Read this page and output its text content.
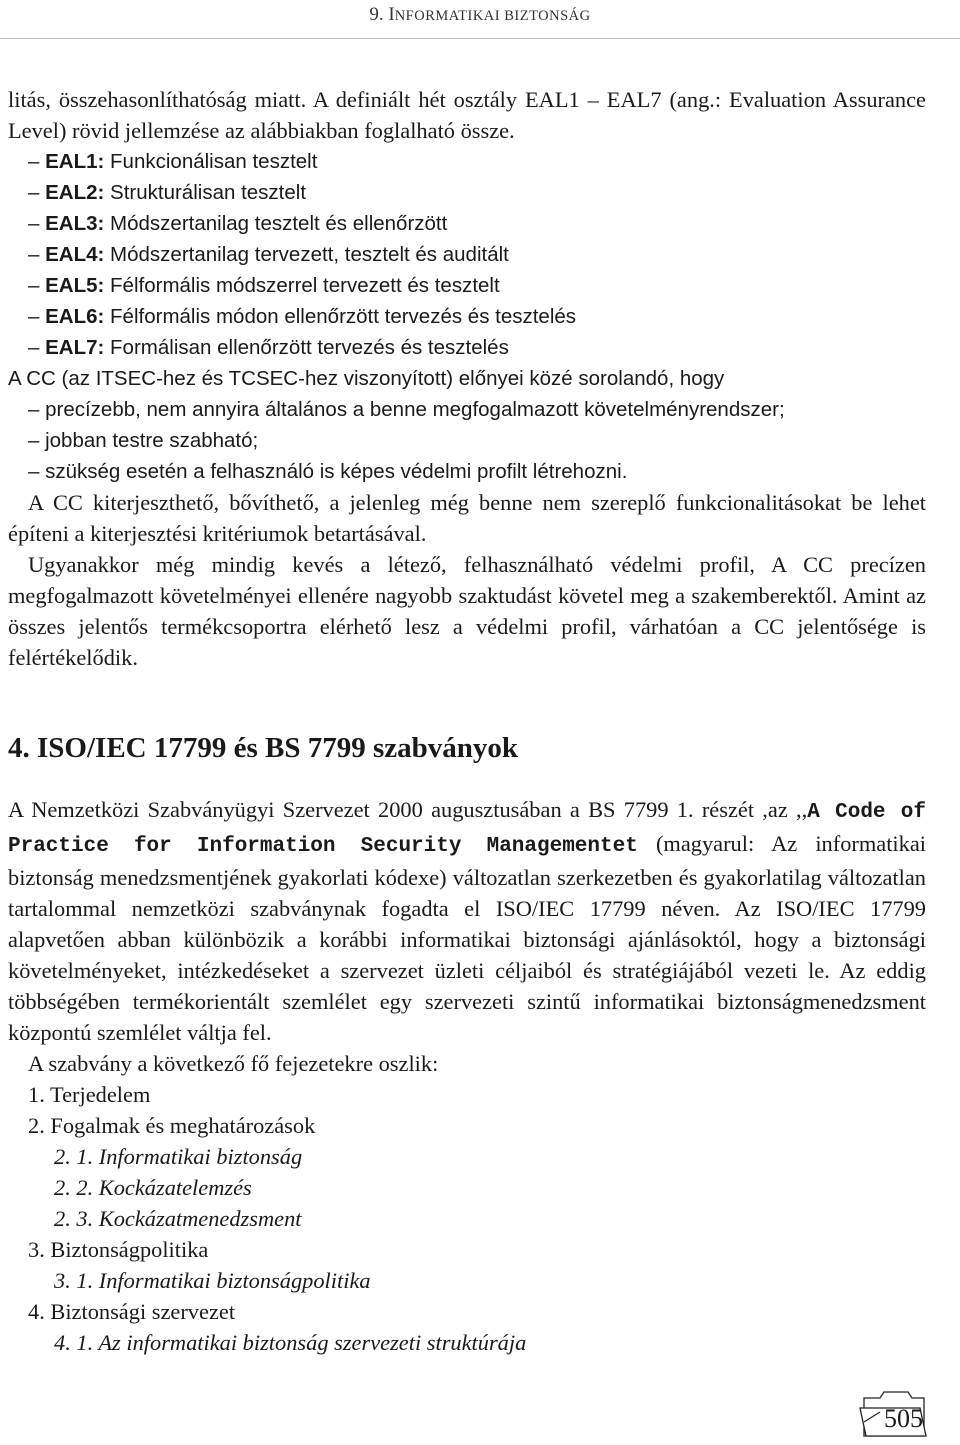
9. INFORMATIKAI BIZTONSÁG

litás, összehasonlíthatóság miatt. A definiált hét osztály EAL1 – EAL7 (ang.: Evaluation Assurance Level) rövid jellemzése az alábbiakban foglalható össze.

– EAL1: Funkcionálisan tesztelt

– EAL2: Strukturálisan tesztelt

– EAL3: Módszertanilag tesztelt és ellenőrzött

– EAL4: Módszertanilag tervezett, tesztelt és auditált

– EAL5: Félformális módszerrel tervezett és tesztelt

– EAL6: Félformális módon ellenőrzött tervezés és tesztelés

– EAL7: Formálisan ellenőrzött tervezés és tesztelés

A CC (az ITSEC-hez és TCSEC-hez viszonyított) előnyei közé sorolandó, hogy

– precízebb, nem annyira általános a benne megfogalmazott követelményrendszer;

– jobban testre szabható;

– szükség esetén a felhasználó is képes védelmi profilt létrehozni.

A CC kiterjeszthető, bővíthető, a jelenleg még benne nem szereplő funkcionalitásokat be lehet építeni a kiterjesztési kritériumok betartásával.

Ugyanakkor még mindig kevés a létező, felhasználható védelmi profil, A CC precízen megfogalmazott követelményei ellenére nagyobb szaktudást követel meg a szakemberektől. Amint az összes jelentős termékcsoportra elérhető lesz a védelmi profil, várhatóan a CC jelentősége is felértékelődik.

4. ISO/IEC 17799 és BS 7799 szabványok

A Nemzetközi Szabványügyi Szervezet 2000 augusztusában a BS 7799 1. részét ,az ,,A Code of Practice for Information Security Managementet (magyarul: Az informatikai biztonság menedzsmentjének gyakorlati kódexe) változatlan szerkezetben és gyakorlatilag változatlan tartalommal nemzetközi szabványnak fogadta el ISO/IEC 17799 néven. Az ISO/IEC 17799 alapvetően abban különbözik a korábbi informatikai biztonsági ajánlásoktól, hogy a biztonsági követelményeket, intézkedéseket a szervezet üzleti céljaiból és stratégiájából vezeti le. Az eddig többségében termékorientált szemlélet egy szervezeti szintű informatikai biztonságmenedzsment központú szemlélet váltja fel.

A szabvány a következő fő fejezetekre oszlik:

1. Terjedelem

2. Fogalmak és meghatározások

2. 1. Informatikai biztonság

2. 2. Kockázatelemzés

2. 3. Kockázatmenedzsment

3. Biztonságpolitika

3. 1. Informatikai biztonságpolitika

4. Biztonsági szervezet

4. 1. Az informatikai biztonság szervezeti struktúrája

505
